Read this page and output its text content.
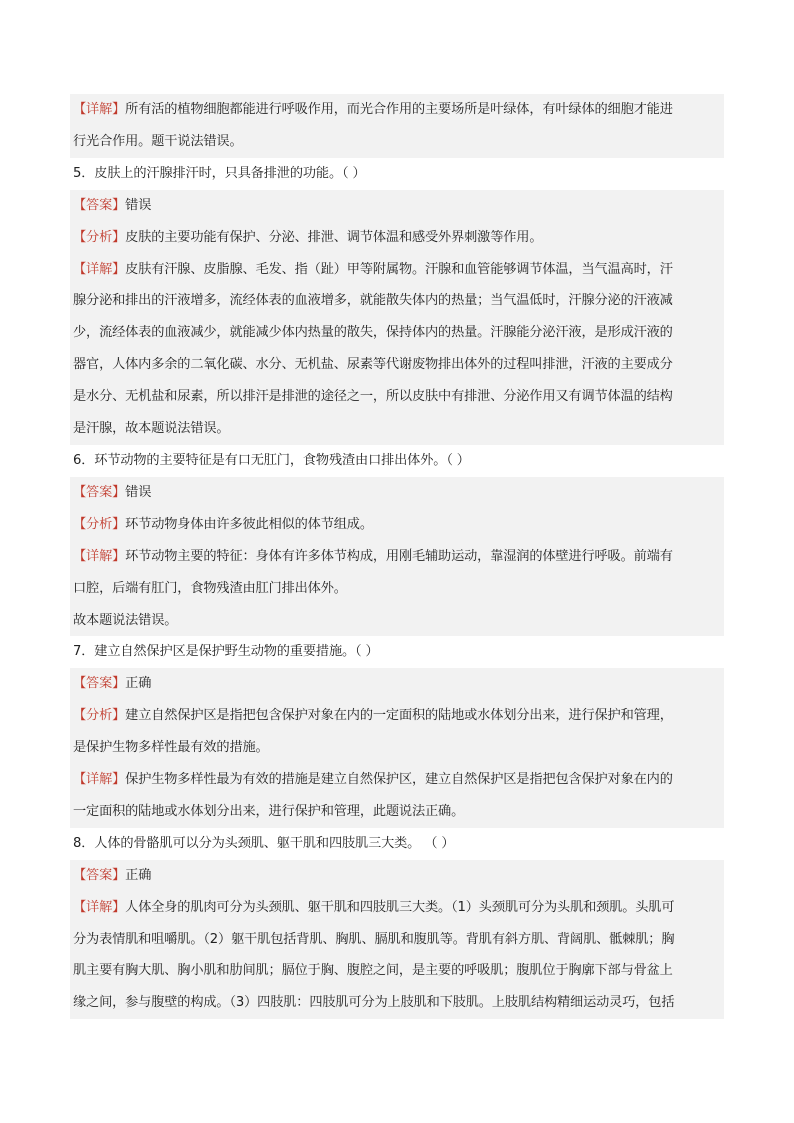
【详解】所有活的植物细胞都能进行呼吸作用，而光合作用的主要场所是叶绿体，有叶绿体的细胞才能进
行光合作用。题干说法错误。
5．皮肤上的汗腺排汗时，只具备排泄的功能。（ ）
【答案】错误
【分析】皮肤的主要功能有保护、分泌、排泄、调节体温和感受外界刺激等作用。
【详解】皮肤有汗腺、皮脂腺、毛发、指（趾）甲等附属物。汗腺和血管能够调节体温，当气温高时，汗
腺分泌和排出的汗液增多，流经体表的血液增多，就能散失体内的热量；当气温低时，汗腺分泌的汗液减
少，流经体表的血液减少，就能减少体内热量的散失，保持体内的热量。汗腺能分泌汗液，是形成汗液的
器官，人体内多余的二氧化碳、水分、无机盐、尿素等代谢废物排出体外的过程叫排泄，汗液的主要成分
是水分、无机盐和尿素，所以排汗是排泄的途径之一，所以皮肤中有排泄、分泌作用又有调节体温的结构
是汗腺，故本题说法错误。
6．环节动物的主要特征是有口无肛门，食物残渣由口排出体外。（ ）
【答案】错误
【分析】环节动物身体由许多彼此相似的体节组成。
【详解】环节动物主要的特征：身体有许多体节构成，用刚毛辅助运动，靠湿润的体壁进行呼吸。前端有
口腔，后端有肛门，食物残渣由肛门排出体外。
故本题说法错误。
7．建立自然保护区是保护野生动物的重要措施。（ ）
【答案】正确
【分析】建立自然保护区是指把包含保护对象在内的一定面积的陆地或水体划分出来，进行保护和管理，
是保护生物多样性最有效的措施。
【详解】保护生物多样性最为有效的措施是建立自然保护区，建立自然保护区是指把包含保护对象在内的
一定面积的陆地或水体划分出来，进行保护和管理，此题说法正确。
8．人体的骨骼肌可以分为头颈肌、躯干肌和四肢肌三大类。 （ ）
【答案】正确
【详解】人体全身的肌肉可分为头颈肌、躯干肌和四肢肌三大类。（1）头颈肌可分为头肌和颈肌。头肌可
分为表情肌和咀嚼肌。（2）躯干肌包括背肌、胸肌、膈肌和腹肌等。背肌有斜方肌、背阔肌、骶棘肌；胸
肌主要有胸大肌、胸小肌和肋间肌；膈位于胸、腹腔之间，是主要的呼吸肌；腹肌位于胸廓下部与骨盆上
缘之间，参与腹壁的构成。（3）四肢肌：四肢肌可分为上肢肌和下肢肌。上肢肌结构精细运动灵巧，包括
